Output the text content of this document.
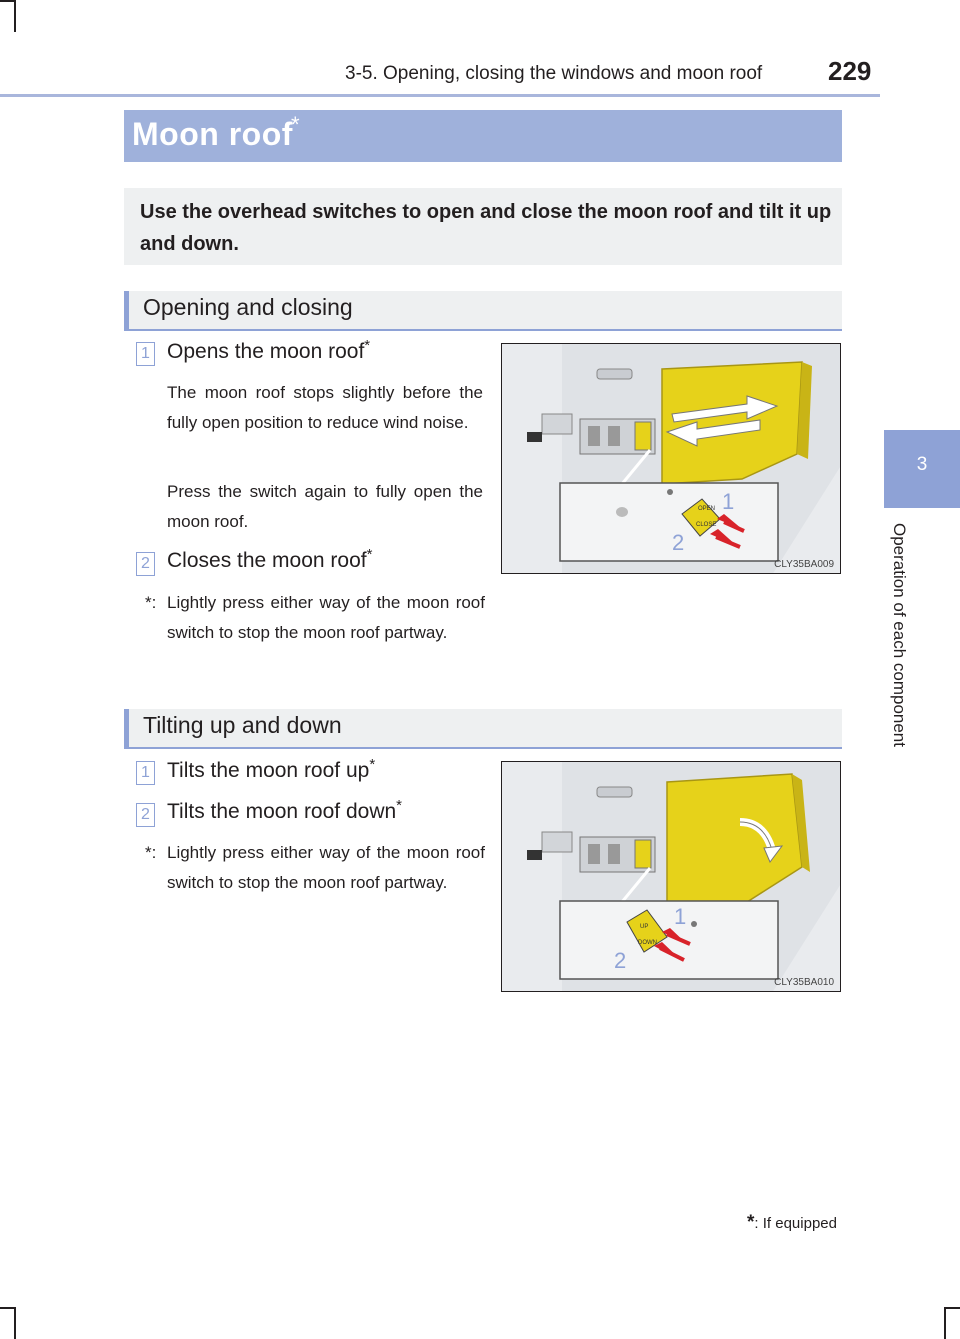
3-5. Opening, closing the windows and moon roof	229
3
Operation of each component
Moon roof
*
Use the overhead switches to open and close the moon roof and tilt it up and down.
Opening and closing
1 Opens the moon roof*
The moon roof stops slightly before the fully open position to reduce wind noise.
Press the switch again to fully open the moon roof.
2 Closes the moon roof*
*: Lightly press either way of the moon roof switch to stop the moon roof partway.
OPEN
CLOSE
1
2
CLY35BA009
Tilting up and down
1 Tilts the moon roof up*
2 Tilts the moon roof down*
*: Lightly press either way of the moon roof switch to stop the moon roof partway.
UP
DOWN
1
2
CLY35BA010
*: If equipped
